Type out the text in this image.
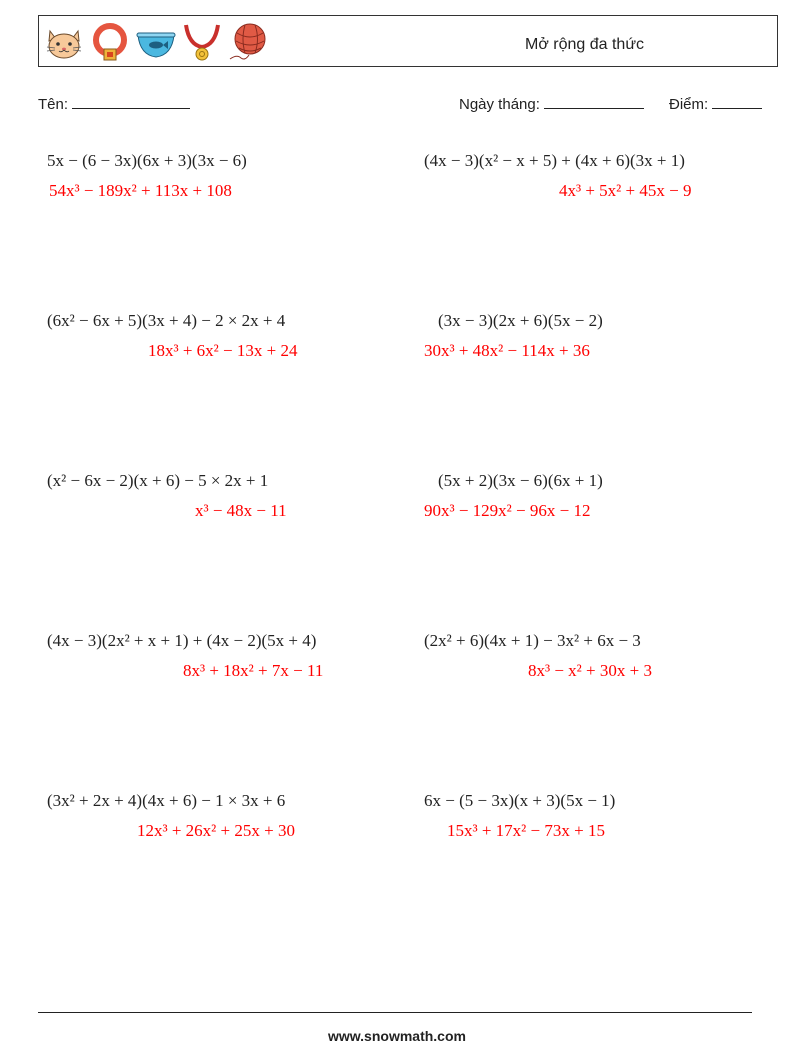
Mở rộng đa thức
Tên:	Ngày tháng:	Điểm:
5x − (6 − 3x)(6x + 3)(3x − 6)
54x³ − 189x² + 113x + 108
(4x − 3)(x² − x + 5) + (4x + 6)(3x + 1)
4x³ + 5x² + 45x − 9
(6x² − 6x + 5)(3x + 4) − 2 × 2x + 4
18x³ + 6x² − 13x + 24
(3x − 3)(2x + 6)(5x − 2)
30x³ + 48x² − 114x + 36
(x² − 6x − 2)(x + 6) − 5 × 2x + 1
x³ − 48x − 11
(5x + 2)(3x − 6)(6x + 1)
90x³ − 129x² − 96x − 12
(4x − 3)(2x² + x + 1) + (4x − 2)(5x + 4)
8x³ + 18x² + 7x − 11
(2x² + 6)(4x + 1) − 3x² + 6x − 3
8x³ − x² + 30x + 3
(3x² + 2x + 4)(4x + 6) − 1 × 3x + 6
12x³ + 26x² + 25x + 30
6x − (5 − 3x)(x + 3)(5x − 1)
15x³ + 17x² − 73x + 15
www.snowmath.com
